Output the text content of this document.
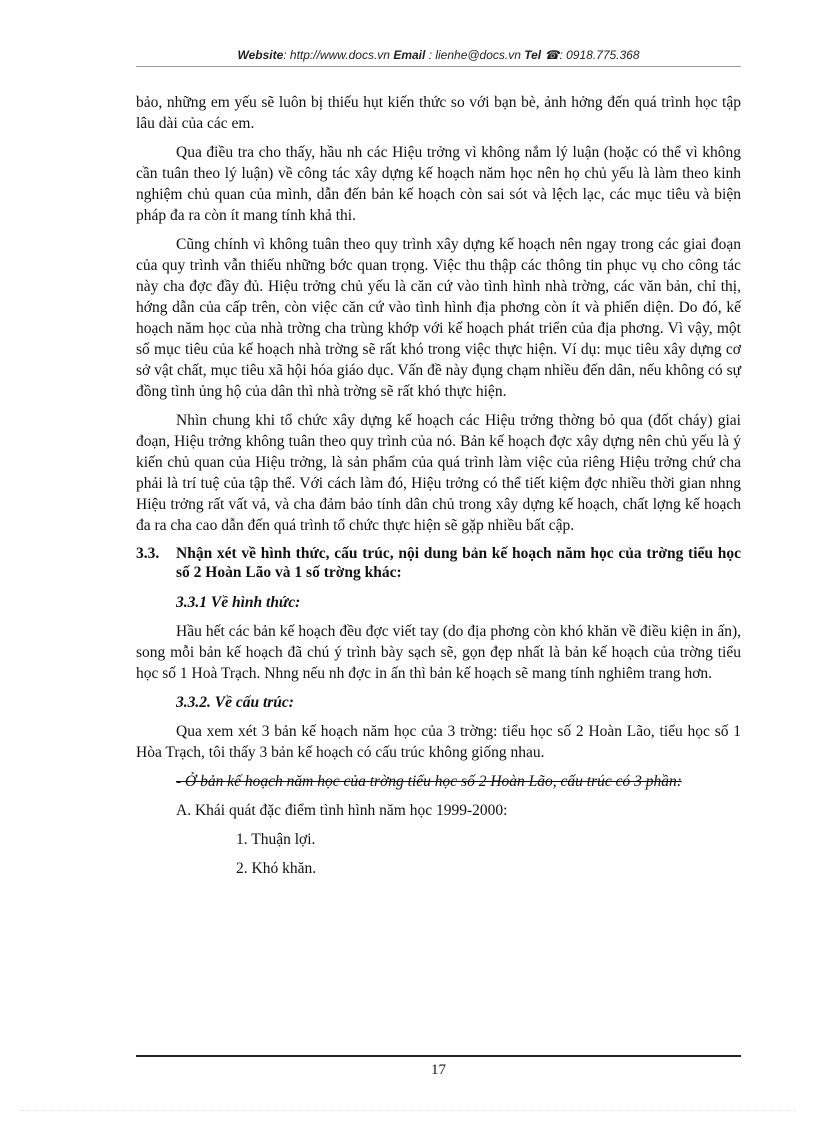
Website: http://www.docs.vn Email : lienhe@docs.vn Tel ☎: 0918.775.368

bảo, những em yếu sẽ luôn bị thiếu hụt kiến thức so với bạn bè, ảnh hởng đến quá trình học tập lâu dài của các em.

Qua điều tra cho thấy, hầu nh các Hiệu trởng vì không nắm lý luận (hoặc có thể vì không cần tuân theo lý luận) về công tác xây dựng kế hoạch năm học nên họ chủ yếu là làm theo kinh nghiệm chủ quan của mình, dẫn đến bản kế hoạch còn sai sót và lệch lạc, các mục tiêu và biện pháp đa ra còn ít mang tính khả thi.

Cũng chính vì không tuân theo quy trình xây dựng kế hoạch nên ngay trong các giai đoạn của quy trình vẫn thiếu những bớc quan trọng. Việc thu thập các thông tin phục vụ cho công tác này cha đợc đầy đủ. Hiệu trởng chủ yếu là căn cứ vào tình hình nhà trờng, các văn bản, chỉ thị, hớng dẫn của cấp trên, còn việc căn cứ vào tình hình địa phơng còn ít và phiến diện. Do đó, kế hoạch năm học của nhà trờng cha trùng khớp với kế hoạch phát triển của địa phơng. Vì vậy, một số mục tiêu của kế hoạch nhà trờng sẽ rất khó trong việc thực hiện. Ví dụ: mục tiêu xây dựng cơ sở vật chất, mục tiêu xã hội hóa giáo dục. Vấn đề này đụng chạm nhiều đến dân, nếu không có sự đồng tình ủng hộ của dân thì nhà trờng sẽ rất khó thực hiện.

Nhìn chung khi tổ chức xây dựng kế hoạch các Hiệu trởng thờng bỏ qua (đốt cháy) giai đoạn, Hiệu trởng không tuân theo quy trình của nó. Bản kế hoạch đợc xây dựng nên chủ yếu là ý kiến chủ quan của Hiệu trởng, là sản phẩm của quá trình làm việc của riêng Hiệu trởng chứ cha phải là trí tuệ của tập thể. Với cách làm đó, Hiệu trởng có thể tiết kiệm đợc nhiều thời gian nhng Hiệu trởng rất vất vả, và cha đảm bảo tính dân chủ trong xây dựng kế hoạch, chất lợng kế hoạch đa ra cha cao dẫn đến quá trình tổ chức thực hiện sẽ gặp nhiều bất cập.

3.3.	Nhận xét về hình thức, cấu trúc, nội dung bản kế hoạch năm học của trờng tiểu học số 2 Hoàn Lão và 1 số trờng khác:

3.3.1 Về hình thức:

Hầu hết các bản kế hoạch đều đợc viết tay (do địa phơng còn khó khăn về điều kiện in ấn), song mỗi bản kế hoạch đã chú ý trình bày sạch sẽ, gọn đẹp nhất là bản kế hoạch của trờng tiểu học số 1 Hoà Trạch. Nhng nếu nh đợc in ấn thì bản kế hoạch sẽ mang tính nghiêm trang hơn.

3.3.2. Về cấu trúc:

Qua xem xét 3 bản kế hoạch năm học của 3 trờng: tiểu học số 2 Hoàn Lão, tiểu học số 1 Hòa Trạch, tôi thấy 3 bản kế hoạch có cấu trúc không giống nhau.

- Ở bản kế hoạch năm học của trờng tiểu học số 2 Hoàn Lão, cấu trúc có 3 phần:

A. Khái quát đặc điểm tình hình năm học 1999-2000:

1. Thuận lợi.

2. Khó khăn.

17
